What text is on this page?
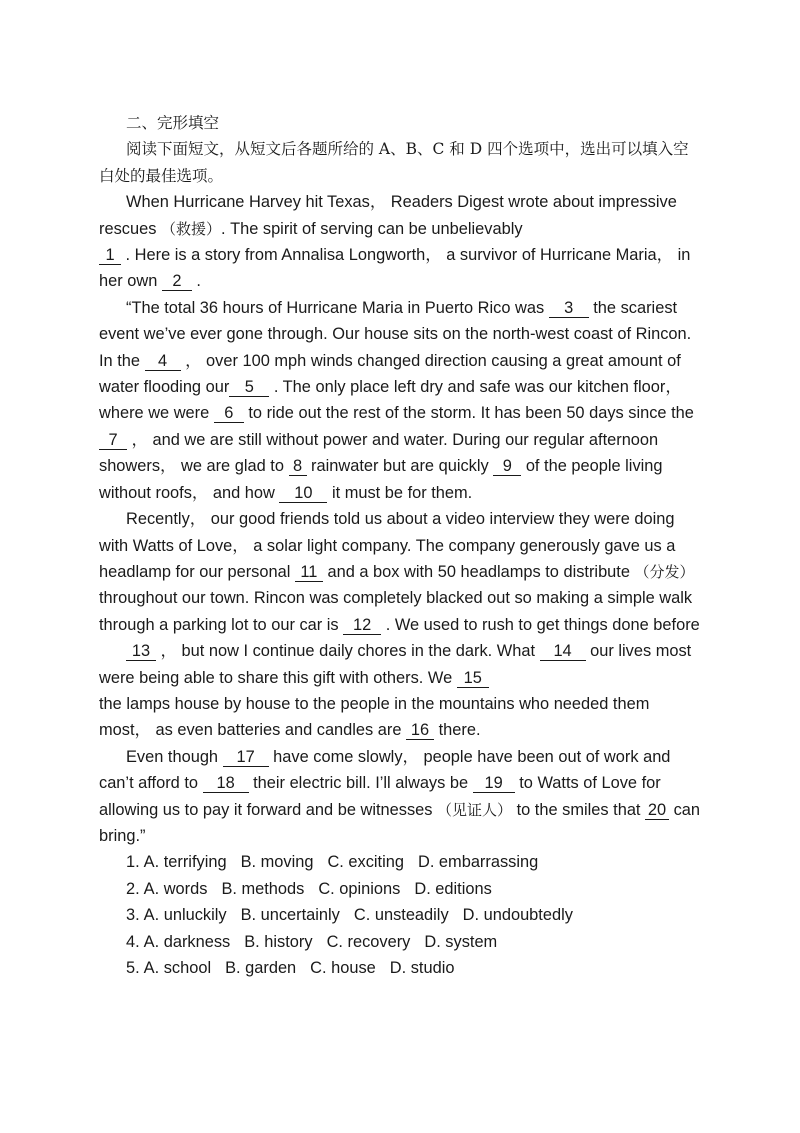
二、完形填空

阅读下面短文，从短文后各题所给的 A、B、C 和 D 四个选项中，选出可以填入空白处的最佳选项。

When Hurricane Harvey hit Texas， Readers Digest wrote about impressive rescues （救援）. The spirit of serving can be unbelievably
1 . Here is a story from Annalisa Longworth， a survivor of Hurricane Maria， in her own 2 .

“The total 36 hours of Hurricane Maria in Puerto Rico was 3 the scariest event we’ve ever gone through. Our house sits on the north-west coast of Rincon. In the 4 ， over 100 mph winds changed direction causing a great amount of water flooding our 5 . The only place left dry and safe was our kitchen floor， where we were 6 to ride out the rest of the storm. It has been 50 days since the 7 ， and we are still without power and water. During our regular afternoon showers， we are glad to 8 rainwater but are quickly 9 of the people living without roofs， and how 10 it must be for them.

Recently， our good friends told us about a video interview they were doing with Watts of Love， a solar light company. The company generously gave us a headlamp for our personal 11 and a box with 50 headlamps to distribute （分发） throughout our town. Rincon was completely blacked out so making a simple walk through a parking lot to our car is 12 . We used to rush to get things done before
13 ， but now I continue daily chores in the dark. What 14 our lives most were being able to share this gift with others. We 15
the lamps house by house to the people in the mountains who needed them most， as even batteries and candles are 16 there.

Even though 17 have come slowly， people have been out of work and can’t afford to 18 their electric bill. I’ll always be 19 to Watts of Love for allowing us to pay it forward and be witnesses （见证人） to the smiles that 20 can bring.”

1. A. terrifying B. moving C. exciting D. embarrassing
2. A. words B. methods C. opinions D. editions
3. A. unluckily B. uncertainly C. unsteadily D. undoubtedly
4. A. darkness B. history C. recovery D. system
5. A. school B. garden C. house D. studio
